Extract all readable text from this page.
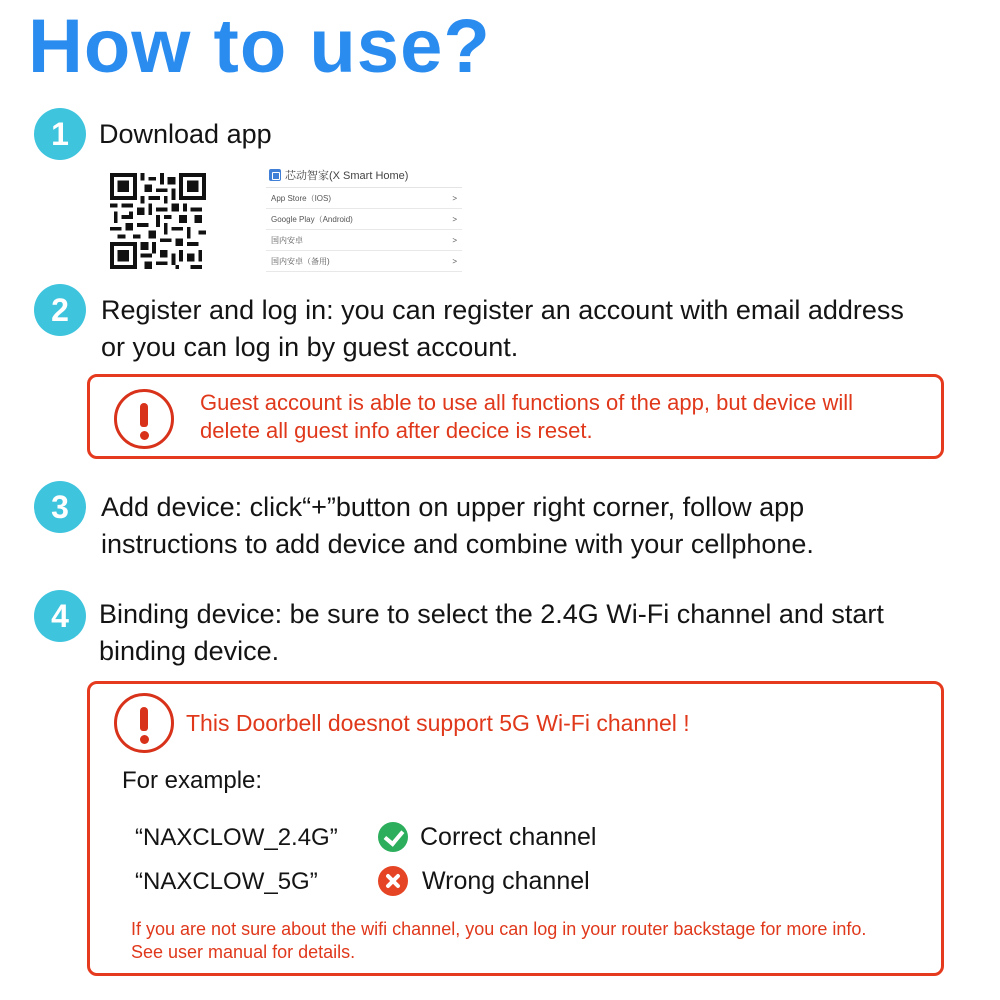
How to use?
1	Download app
芯动智家(X Smart Home)
App Store（IOS)	>
Google Play（Android)	>
国内安卓	>
国内安卓（备用)	>
2	Register and log in: you can register an account with email address
or you can log in by guest account.
Guest account is able to use all functions of the app, but device will
delete all guest info after decice is reset.
3	Add device: click“+”button on upper right corner, follow app
instructions to add device and combine with your cellphone.
4	Binding device: be sure to select the 2.4G Wi-Fi channel and start
binding device.
This Doorbell doesnot support 5G Wi-Fi channel !
For example:
“NAXCLOW_2.4G”	Correct channel
“NAXCLOW_5G”	Wrong channel
If you are not sure about the wifi channel, you can log in your router backstage for more info.
See user manual for details.
